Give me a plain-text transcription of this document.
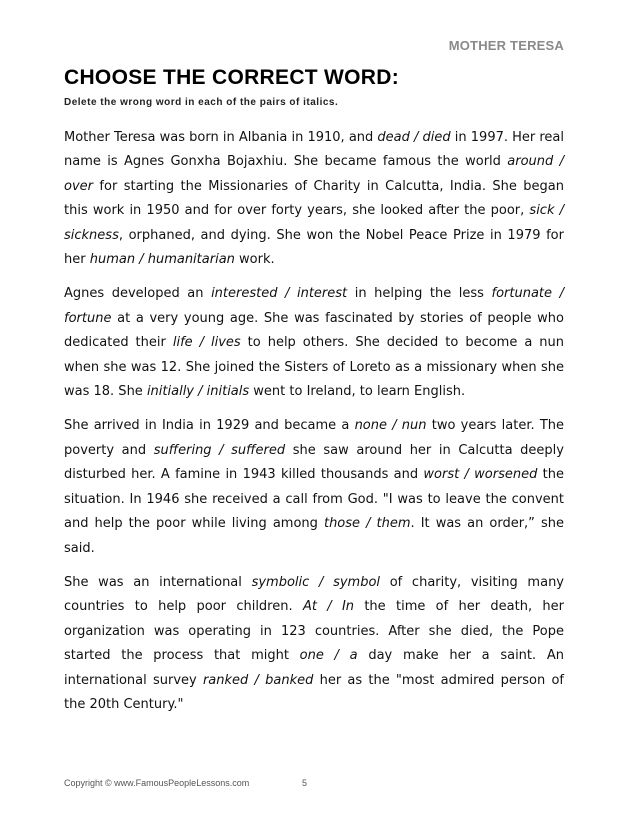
MOTHER TERESA
CHOOSE THE CORRECT WORD:

Delete the wrong word in each of the pairs of italics.

Mother Teresa was born in Albania in 1910, and dead / died in 1997. Her real name is Agnes Gonxha Bojaxhiu. She became famous the world around / over for starting the Missionaries of Charity in Calcutta, India. She began this work in 1950 and for over forty years, she looked after the poor, sick / sickness, orphaned, and dying. She won the Nobel Peace Prize in 1979 for her human / humanitarian work.

Agnes developed an interested / interest in helping the less fortunate / fortune at a very young age. She was fascinated by stories of people who dedicated their life / lives to help others. She decided to become a nun when she was 12. She joined the Sisters of Loreto as a missionary when she was 18. She initially / initials went to Ireland, to learn English.

She arrived in India in 1929 and became a none / nun two years later. The poverty and suffering / suffered she saw around her in Calcutta deeply disturbed her. A famine in 1943 killed thousands and worst / worsened the situation. In 1946 she received a call from God. "I was to leave the convent and help the poor while living among those / them. It was an order,” she said.

She was an international symbolic / symbol of charity, visiting many countries to help poor children. At / In the time of her death, her organization was operating in 123 countries. After she died, the Pope started the process that might one / a day make her a saint. An international survey ranked / banked her as the "most admired person of the 20th Century."

Copyright © www.FamousPeopleLessons.com	5
